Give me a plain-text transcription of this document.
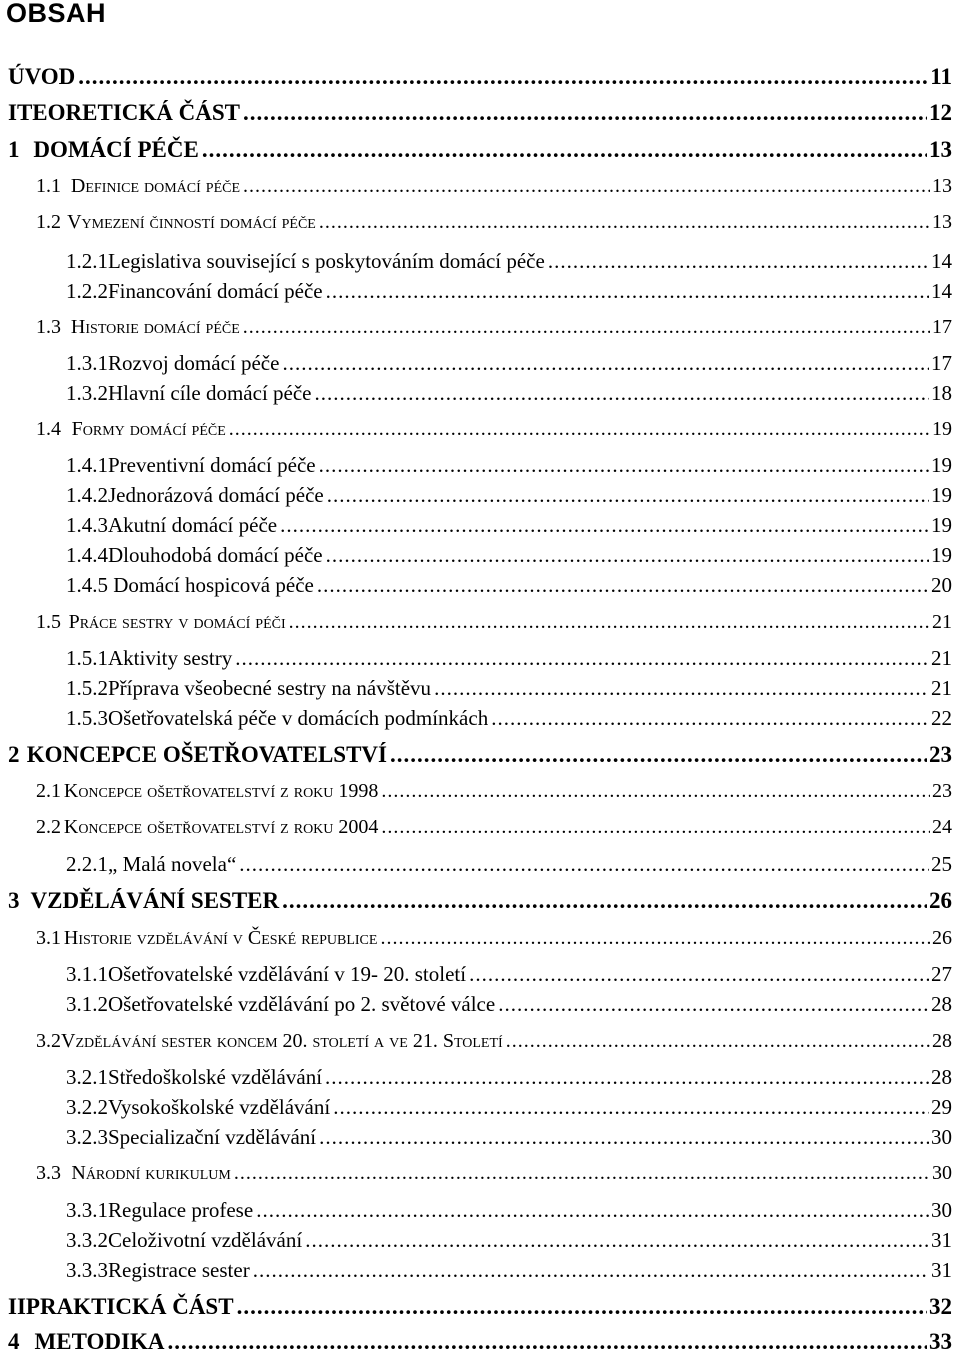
OBSAH
ÚVOD .....	11
I TEORETICKÁ ČÁST .....	12
1 DOMÁCÍ PÉČE .....	13
1.1 Definice domácí péče .....	13
1.2 Vymezení činností domácí péče .....	13
1.2.1 Legislativa související s poskytováním domácí péče .....	14
1.2.2 Financování domácí péče .....	14
1.3 Historie domácí péče .....	17
1.3.1 Rozvoj domácí péče .....	17
1.3.2 Hlavní cíle domácí péče .....	18
1.4 Formy domácí péče .....	19
1.4.1 Preventivní domácí péče .....	19
1.4.2 Jednorázová domácí péče .....	19
1.4.3 Akutní domácí péče .....	19
1.4.4 Dlouhodobá domácí péče .....	19
1.4.5 Domácí hospicová péče .....	20
1.5 Práce sestry v domácí péči .....	21
1.5.1 Aktivity sestry .....	21
1.5.2 Příprava všeobecné sestry na návštěvu .....	21
1.5.3 Ošetřovatelská péče v domácích podmínkách .....	22
2 KONCEPCE OŠETŘOVATELSTVÍ .....	23
2.1 Koncepce ošetřovatelství z roku 1998 .....	23
2.2 Koncepce ošetřovatelství z roku 2004 .....	24
2.2.1 „ Malá novela“ .....	25
3 VZDĚLÁVÁNÍ SESTER .....	26
3.1 Historie vzdělávání v České republice .....	26
3.1.1 Ošetřovatelské vzdělávání v 19- 20. století .....	27
3.1.2 Ošetřovatelské vzdělávání po 2. světové válce .....	28
3.2 Vzdělávání sester koncem 20. století a ve 21. Století .....	28
3.2.1 Středoškolské vzdělávání .....	28
3.2.2 Vysokoškolské vzdělávání .....	29
3.2.3 Specializační vzdělávání .....	30
3.3 Národní kurikulum .....	30
3.3.1 Regulace profese .....	30
3.3.2 Celoživotní vzdělávání .....	31
3.3.3 Registrace sester .....	31
II PRAKTICKÁ ČÁST .....	32
4 METODIKA .....	33
